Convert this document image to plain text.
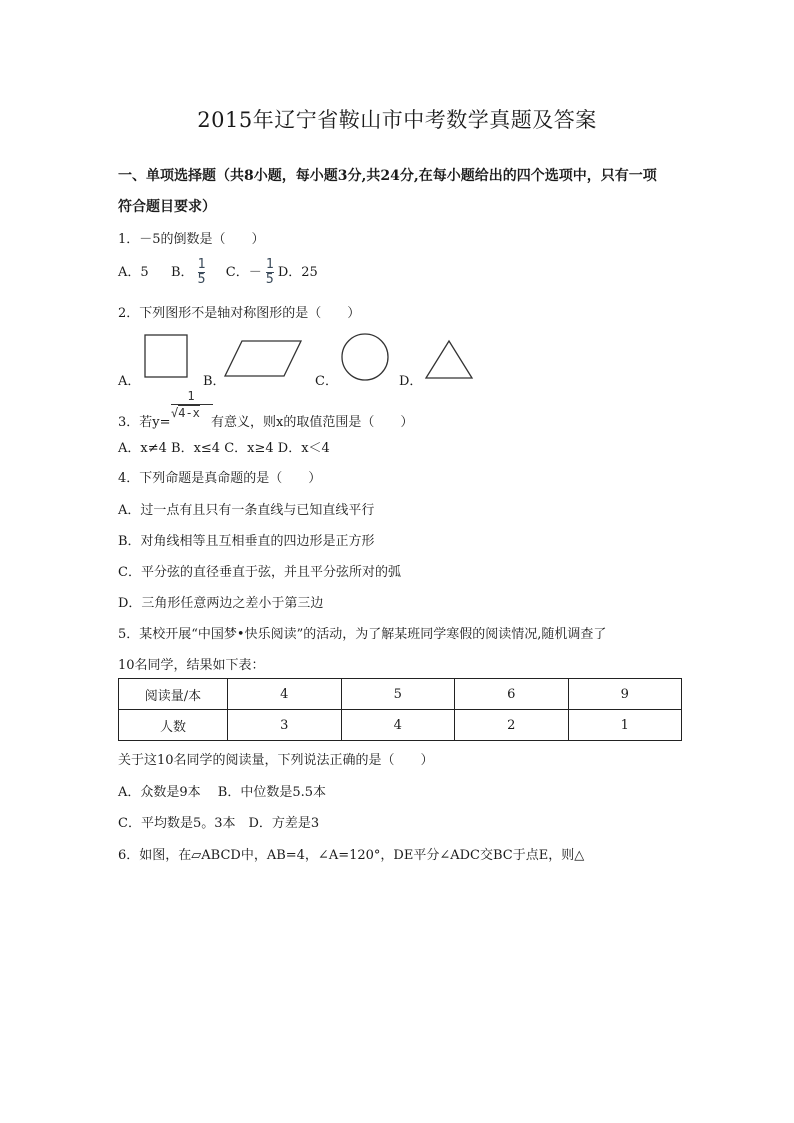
2015年辽宁省鞍山市中考数学真题及答案
一、单项选择题（共8小题，每小题3分,共24分,在每小题给出的四个选项中，只有一项
符合题目要求）
1．－5的倒数是（　　）
A．5 B． $\frac{1}{5}$ C．－ $\frac{1}{5}$ D．25
2．下列图形不是轴对称图形的是（　　）
A．	B．	C．	D．
3．若y=
$\frac{1}{√4-x}$
有意义，则x的取值范围是（　　）
A．x≠4 B．x≤4 C．x≥4 D．x＜4
4．下列命题是真命题的是（　　）
A．过一点有且只有一条直线与已知直线平行
B．对角线相等且互相垂直的四边形是正方形
C．平分弦的直径垂直于弦，并且平分弦所对的弧
D．三角形任意两边之差小于第三边
5．某校开展“中国梦•快乐阅读”的活动，为了解某班同学寒假的阅读情况,随机调查了
10名同学，结果如下表：
阅读量/本	4	5	6	9
人数	3	4	2	1
关于这10名同学的阅读量，下列说法正确的是（　　）
A．众数是9本　 B．中位数是5.5本
C．平均数是5。3本　D．方差是3
6．如图，在▱ABCD中，AB=4，∠A=120°，DE平分∠ADC交BC于点E，则△
